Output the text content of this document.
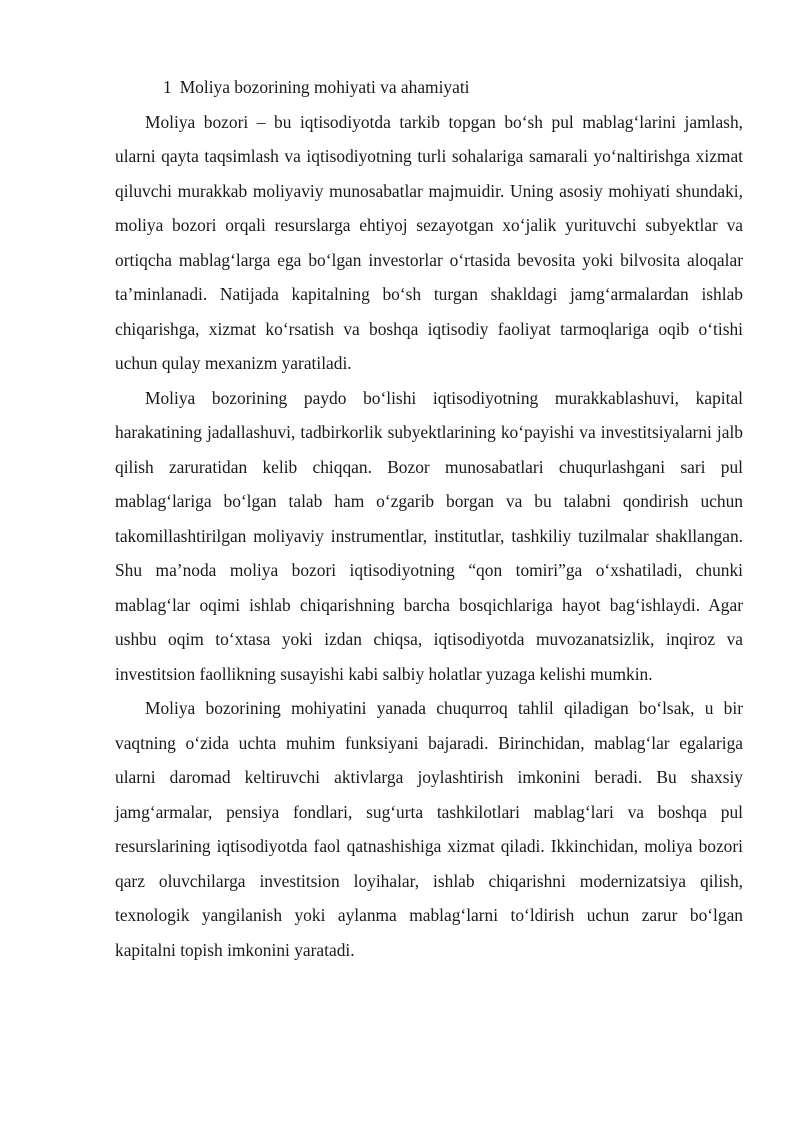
1 Moliya bozorining mohiyati va ahamiyati

Moliya bozori – bu iqtisodiyotda tarkib topgan bo‘sh pul mablag‘larini jamlash, ularni qayta taqsimlash va iqtisodiyotning turli sohalariga samarali yo‘naltirishga xizmat qiluvchi murakkab moliyaviy munosabatlar majmuidir. Uning asosiy mohiyati shundaki, moliya bozori orqali resurslarga ehtiyoj sezayotgan xo‘jalik yurituvchi subyektlar va ortiqcha mablag‘larga ega bo‘lgan investorlar o‘rtasida bevosita yoki bilvosita aloqalar ta’minlanadi. Natijada kapitalning bo‘sh turgan shakldagi jamg‘armalardan ishlab chiqarishga, xizmat ko‘rsatish va boshqa iqtisodiy faoliyat tarmoqlariga oqib o‘tishi uchun qulay mexanizm yaratiladi.

Moliya bozorining paydo bo‘lishi iqtisodiyotning murakkablashuvi, kapital harakatining jadallashuvi, tadbirkorlik subyektlarining ko‘payishi va investitsiyalarni jalb qilish zaruratidan kelib chiqqan. Bozor munosabatlari chuqurlashgani sari pul mablag‘lariga bo‘lgan talab ham o‘zgarib borgan va bu talabni qondirish uchun takomillashtirilgan moliyaviy instrumentlar, institutlar, tashkiliy tuzilmalar shakllangan. Shu ma’noda moliya bozori iqtisodiyotning “qon tomiri”ga o‘xshatiladi, chunki mablag‘lar oqimi ishlab chiqarishning barcha bosqichlariga hayot bag‘ishlaydi. Agar ushbu oqim to‘xtasa yoki izdan chiqsa, iqtisodiyotda muvozanatsizlik, inqiroz va investitsion faollikning susayishi kabi salbiy holatlar yuzaga kelishi mumkin.

Moliya bozorining mohiyatini yanada chuqurroq tahlil qiladigan bo‘lsak, u bir vaqtning o‘zida uchta muhim funksiyani bajaradi. Birinchidan, mablag‘lar egalariga ularni daromad keltiruvchi aktivlarga joylashtirish imkonini beradi. Bu shaxsiy jamg‘armalar, pensiya fondlari, sug‘urta tashkilotlari mablag‘lari va boshqa pul resurslarining iqtisodiyotda faol qatnashishiga xizmat qiladi. Ikkinchidan, moliya bozori qarz oluvchilarga investitsion loyihalar, ishlab chiqarishni modernizatsiya qilish, texnologik yangilanish yoki aylanma mablag‘larni to‘ldirish uchun zarur bo‘lgan kapitalni topish imkonini yaratadi.
